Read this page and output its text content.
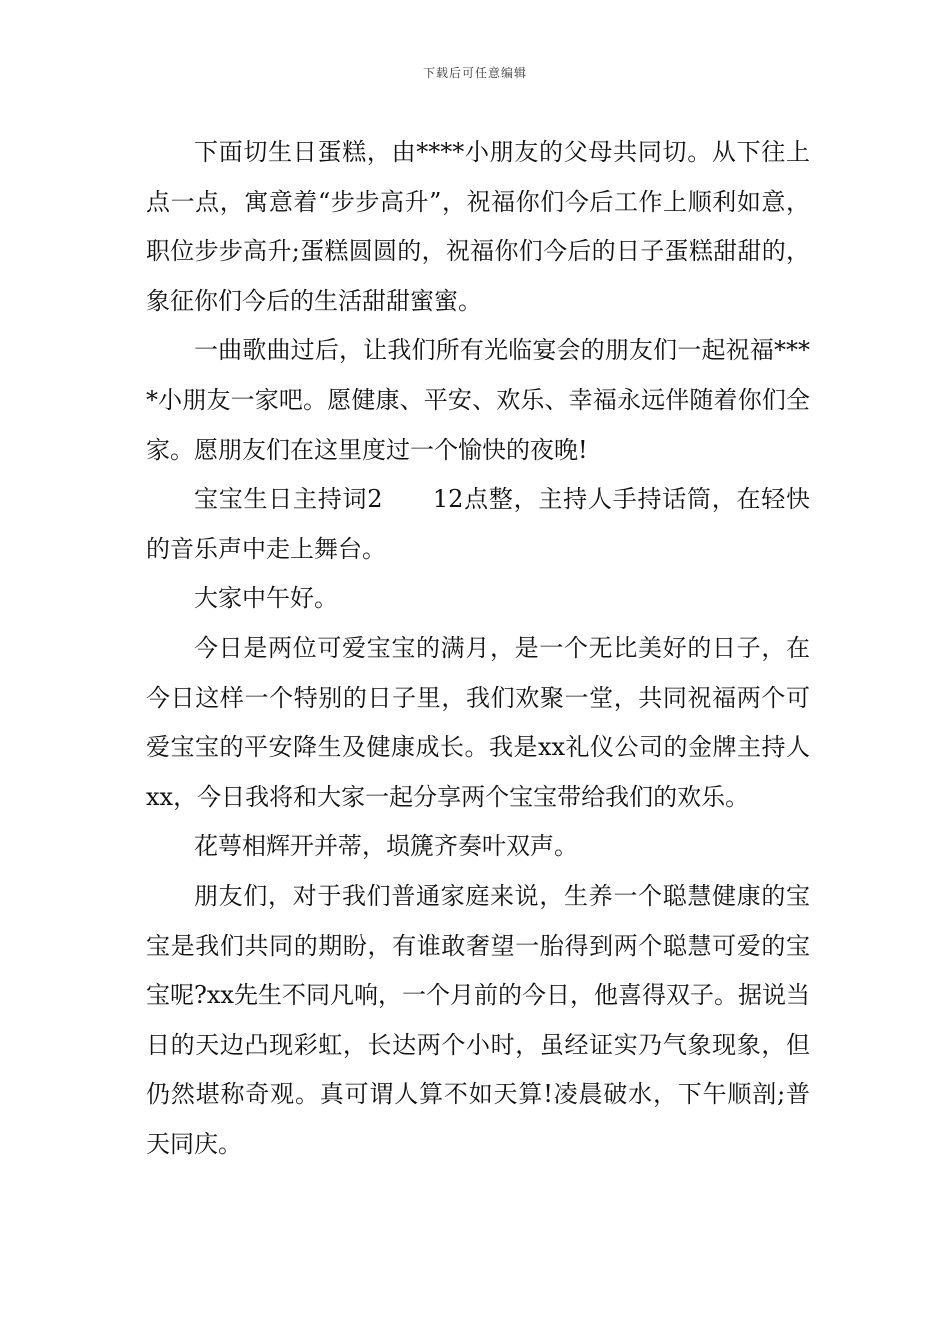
下载后可任意编辑

下面切生日蛋糕，由****小朋友的父母共同切。从下往上点一点，寓意着“步步高升”，祝福你们今后工作上顺利如意，职位步步高升;蛋糕圆圆的，祝福你们今后的日子蛋糕甜甜的，象征你们今后的生活甜甜蜜蜜。

一曲歌曲过后，让我们所有光临宴会的朋友们一起祝福****小朋友一家吧。愿健康、平安、欢乐、幸福永远伴随着你们全家。愿朋友们在这里度过一个愉快的夜晚!

宝宝生日主持词2　　12点整，主持人手持话筒，在轻快的音乐声中走上舞台。

大家中午好。

今日是两位可爱宝宝的满月，是一个无比美好的日子，在今日这样一个特别的日子里，我们欢聚一堂，共同祝福两个可爱宝宝的平安降生及健康成长。我是xx礼仪公司的金牌主持人xx，今日我将和大家一起分享两个宝宝带给我们的欢乐。

花萼相辉开并蒂，埙篪齐奏叶双声。

朋友们，对于我们普通家庭来说，生养一个聪慧健康的宝宝是我们共同的期盼，有谁敢奢望一胎得到两个聪慧可爱的宝宝呢?xx先生不同凡响，一个月前的今日，他喜得双子。据说当日的天边凸现彩虹，长达两个小时，虽经证实乃气象现象，但仍然堪称奇观。真可谓人算不如天算!凌晨破水，下午顺剖;普天同庆。
